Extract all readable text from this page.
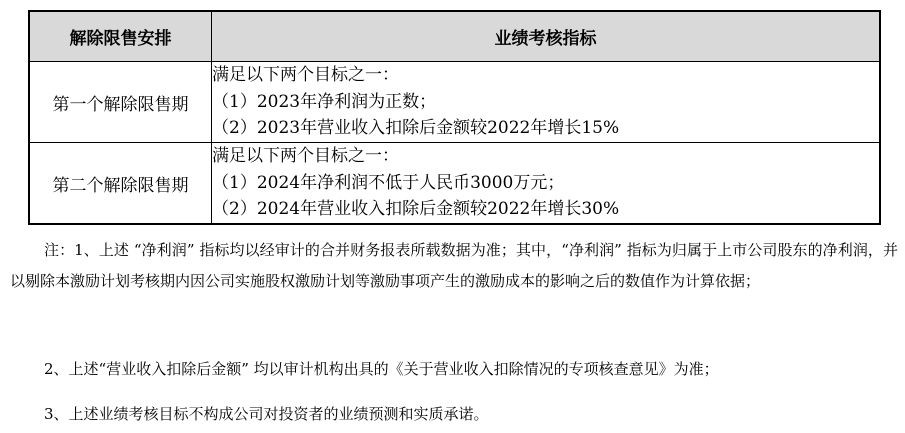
解除限售安排	业绩考核指标
第一个解除限售期	满足以下两个目标之一：
（1）2023年净利润为正数；
（2）2023年营业收入扣除后金额较2022年增长15%

第二个解除限售期	满足以下两个目标之一：
（1）2024年净利润不低于人民币3000万元；
（2）2024年营业收入扣除后金额较2022年增长30%
注：1、上述 “净利润” 指标均以经审计的合并财务报表所载数据为准；其中，“净利润” 指标为归属于上市公司股东的净利润，并以剔除本激励计划考核期内因公司实施股权激励计划等激励事项产生的激励成本的影响之后的数值作为计算依据；
2、上述“营业收入扣除后金额” 均以审计机构出具的《关于营业收入扣除情况的专项核查意见》为准；
3、上述业绩考核目标不构成公司对投资者的业绩预测和实质承诺。
